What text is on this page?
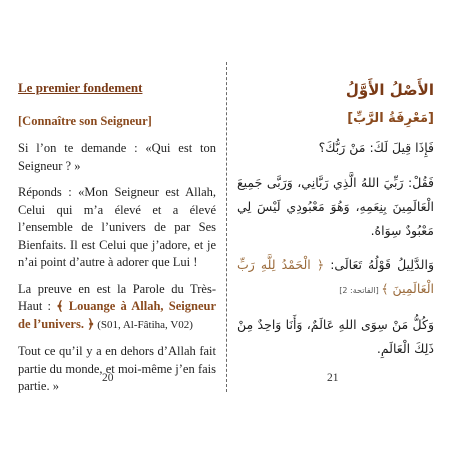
Le premier fondement
[Connaître son Seigneur]

Si l’on te demande : «Qui est ton Seigneur ? »

Réponds : «Mon Seigneur est Allah, Celui qui m’a élevé et a élevé l’ensemble de l’univers de par Ses Bienfaits. Il est Celui que j’adore, et je n’ai point d’autre à adorer que Lui !

La preuve en est la Parole du Très-Haut : ﴾ Louange à Allah, Seigneur de l’univers. ﴿ (S01, Al-Fâtiha, V02)

Tout ce qu’il y a en dehors d’Allah fait partie du monde, et moi-même j’en fais partie. »

20
الأَصْلُ الأَوَّلُ
[مَعْرِفَةُ الرَّبِّ]

فَإِذَا قِيلَ لَكَ: مَنْ رَبُّكَ؟

فَقُلْ: رَبِّيَ اللهُ الَّذِي رَبَّانِي، وَرَبَّى جَمِيعَ الْعَالَمِينَ بِنِعَمِهِ، وَهُوَ مَعْبُودِي لَيْسَ لِي مَعْبُودٌ سِوَاهُ.

وَالدَّلِيلُ قَوْلُهُ تَعَالَى: ﴿ الْحَمْدُ لِلَّهِ رَبِّ الْعَالَمِينَ ﴾ [الفاتحة: 2]

وَكُلُّ مَنْ سِوَى اللهِ عَالَمٌ، وَأَنَا وَاحِدٌ مِنْ ذَلِكَ الْعَالَمِ.

21
